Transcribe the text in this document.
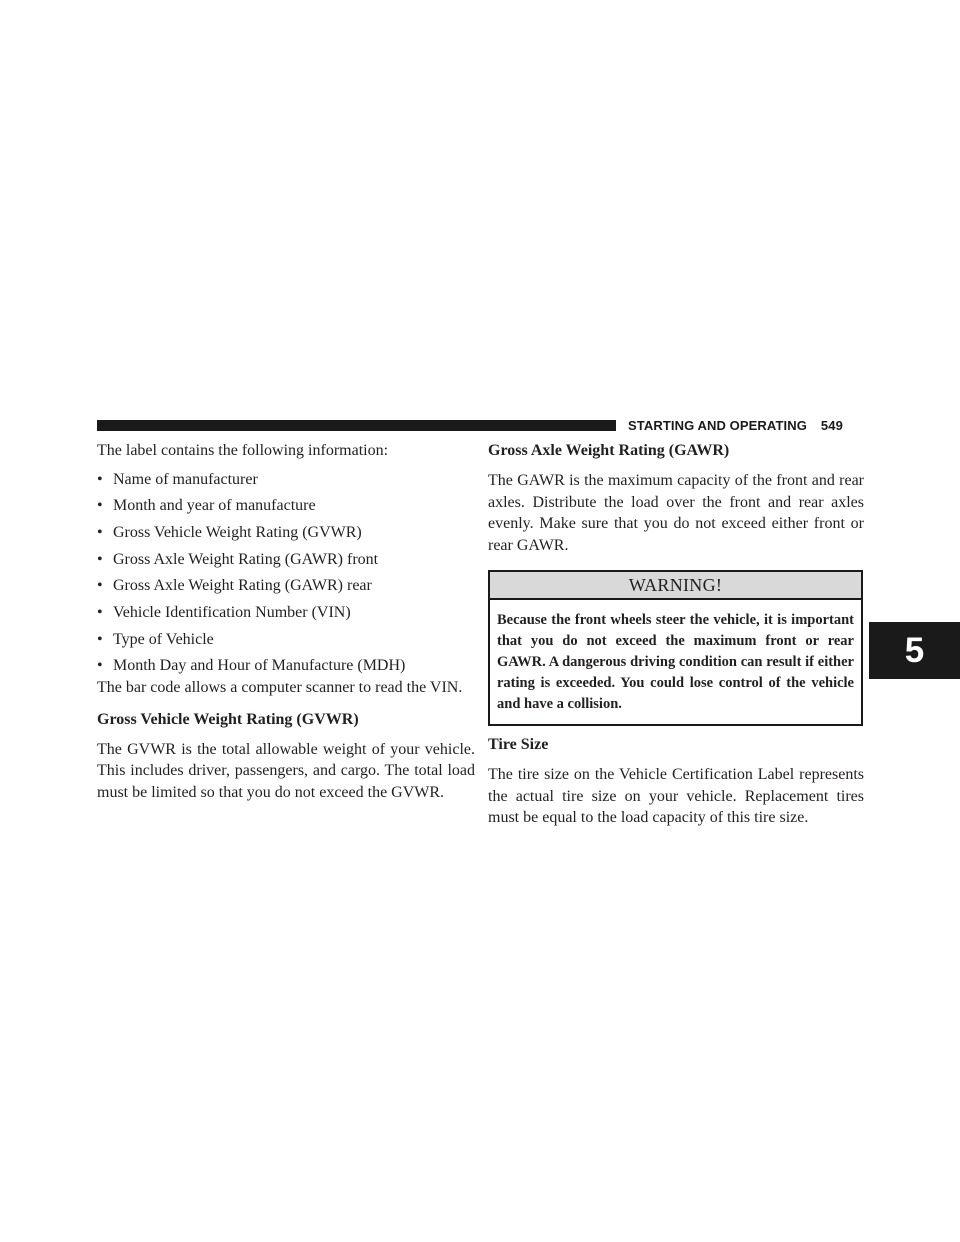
STARTING AND OPERATING 549
5

The label contains the following information:

• Name of manufacturer
• Month and year of manufacture
• Gross Vehicle Weight Rating (GVWR)
• Gross Axle Weight Rating (GAWR) front
• Gross Axle Weight Rating (GAWR) rear
• Vehicle Identification Number (VIN)
• Type of Vehicle
• Month Day and Hour of Manufacture (MDH)

The bar code allows a computer scanner to read the VIN.

Gross Vehicle Weight Rating (GVWR)

The GVWR is the total allowable weight of your vehicle. This includes driver, passengers, and cargo. The total load must be limited so that you do not exceed the GVWR.

Gross Axle Weight Rating (GAWR)

The GAWR is the maximum capacity of the front and rear axles. Distribute the load over the front and rear axles evenly. Make sure that you do not exceed either front or rear GAWR.

WARNING!
Because the front wheels steer the vehicle, it is important that you do not exceed the maximum front or rear GAWR. A dangerous driving condition can result if either rating is exceeded. You could lose control of the vehicle and have a collision.
Tire Size

The tire size on the Vehicle Certification Label represents the actual tire size on your vehicle. Replacement tires must be equal to the load capacity of this tire size.
